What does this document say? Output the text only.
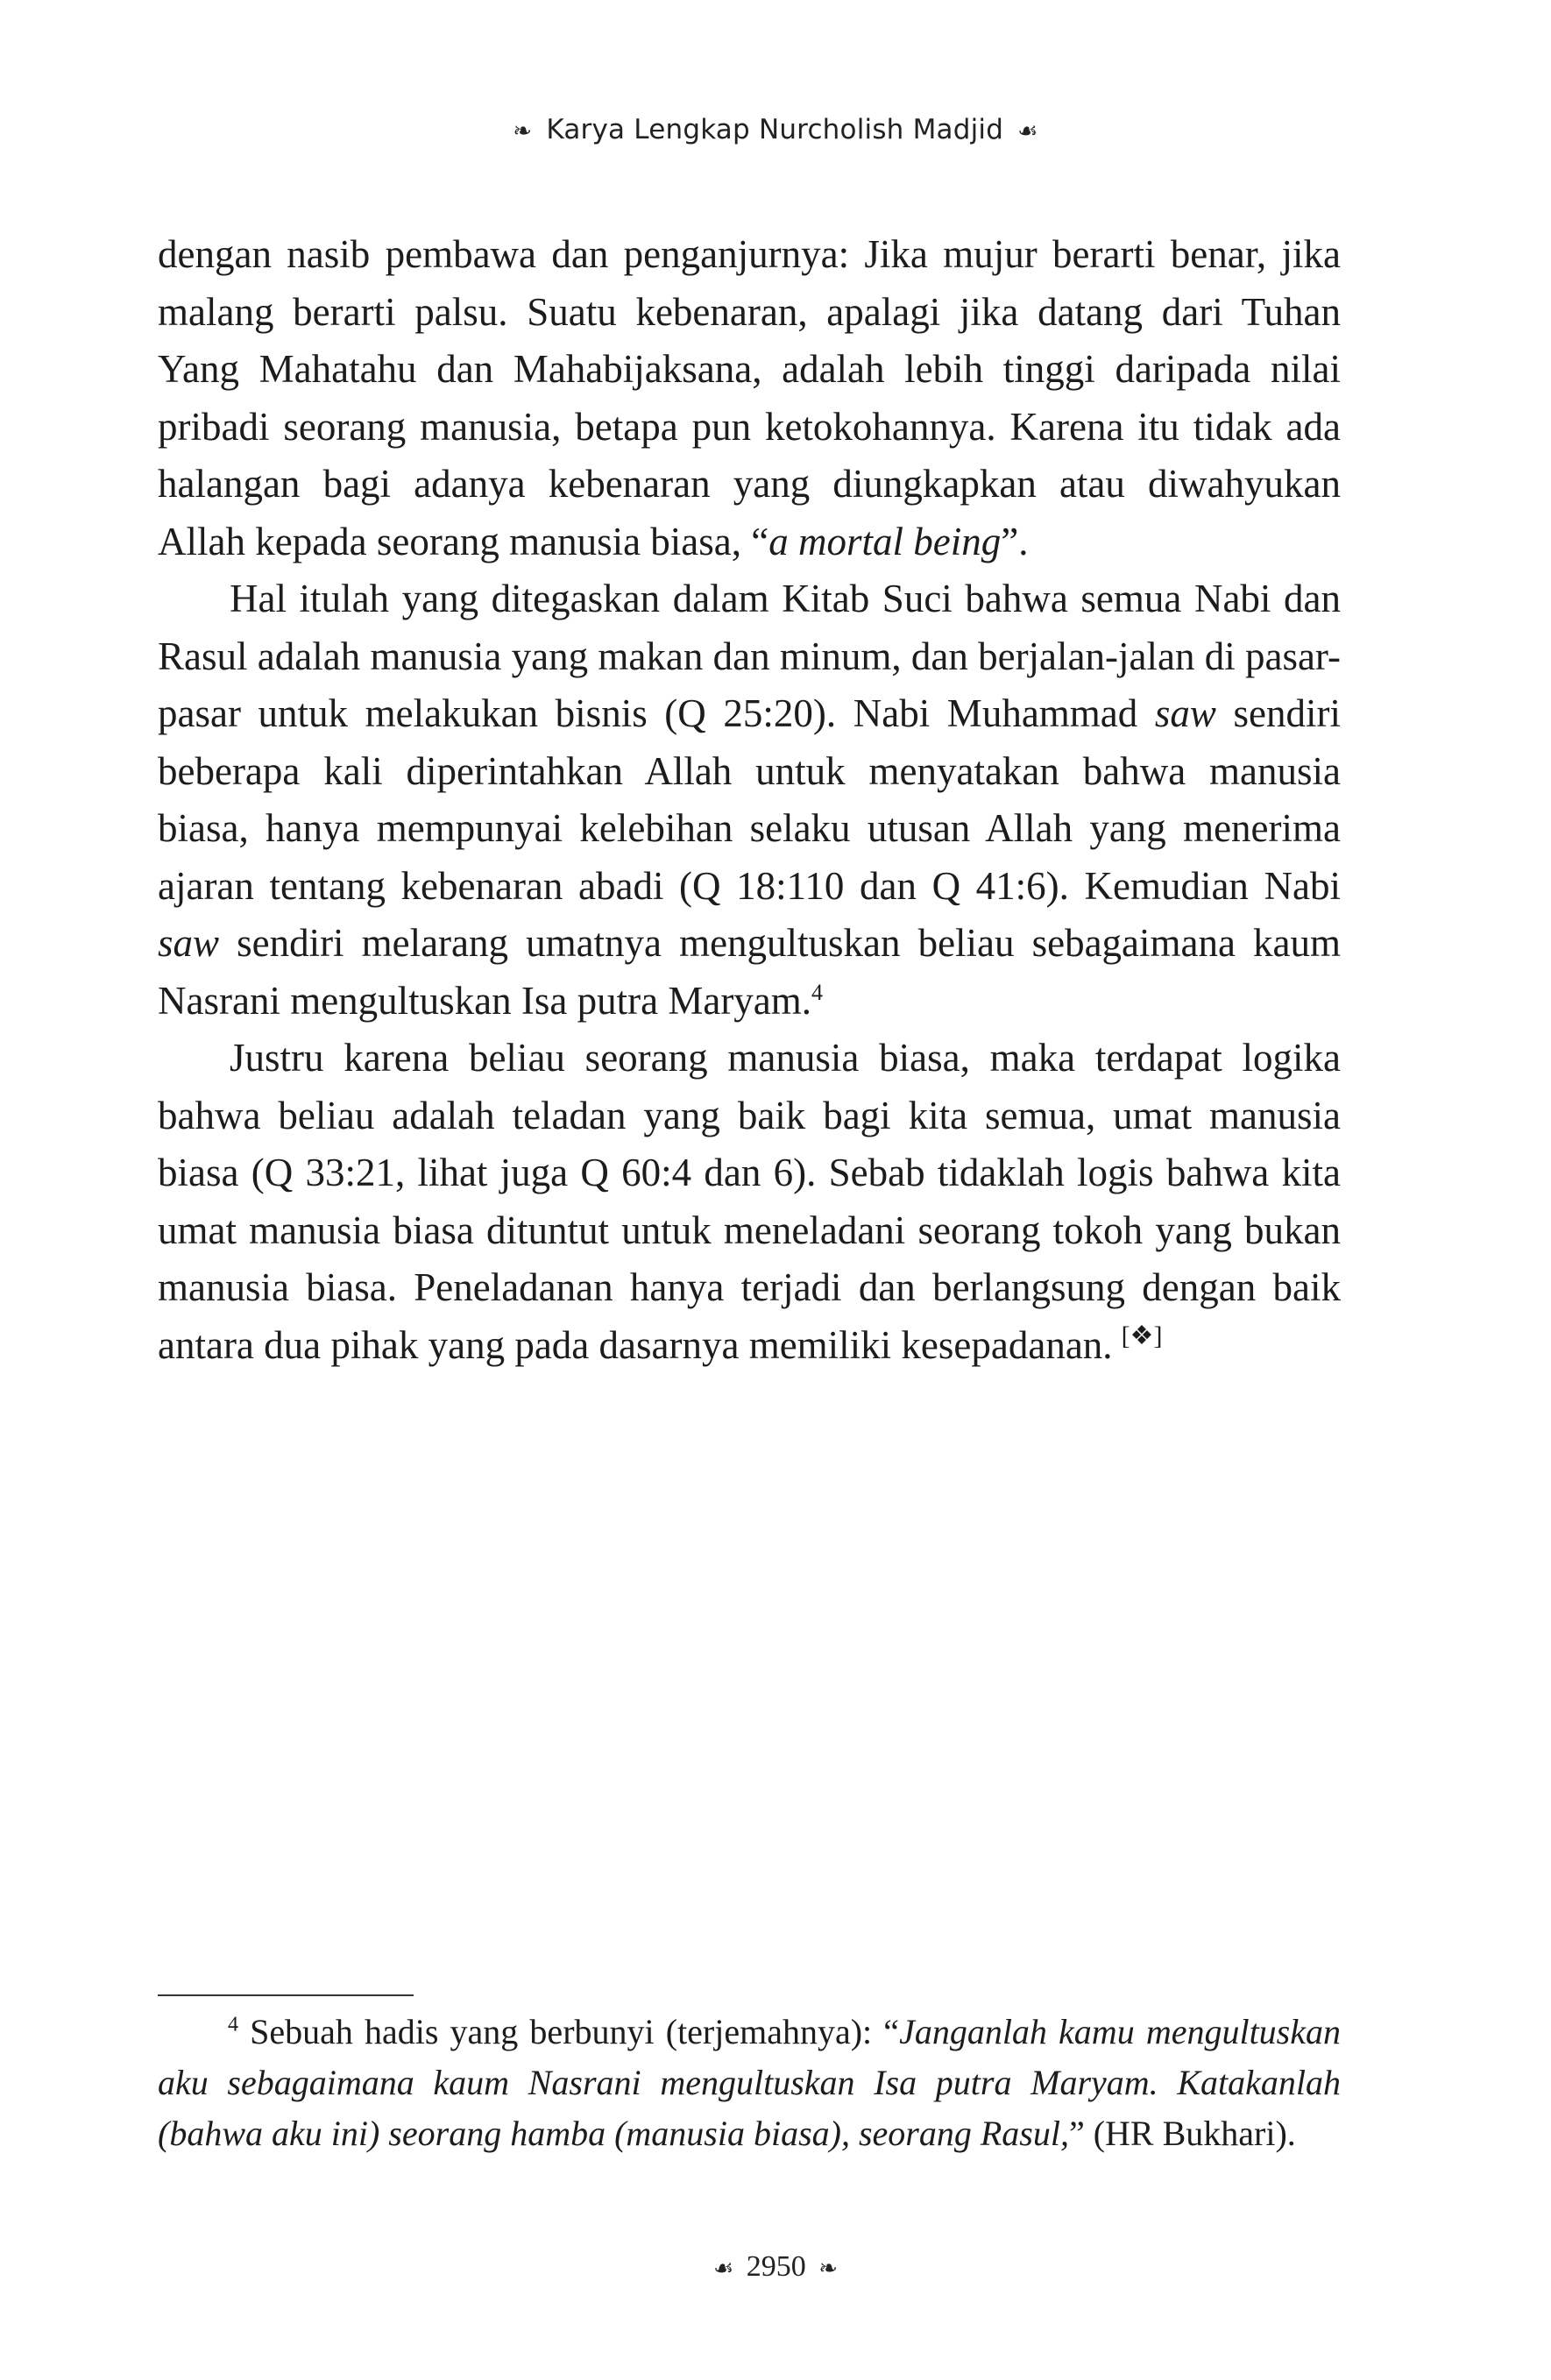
❧ Karya Lengkap Nurcholish Madjid ☙

dengan nasib pembawa dan penganjurnya: Jika mujur berarti benar, jika malang berarti palsu. Suatu kebenaran, apalagi jika datang dari Tuhan Yang Mahatahu dan Mahabijaksana, adalah lebih tinggi daripada nilai pribadi seorang manusia, betapa pun ketokohannya. Karena itu tidak ada halangan bagi adanya kebenaran yang diungkapkan atau diwahyukan Allah kepada seorang manusia biasa, “a mortal being”.

Hal itulah yang ditegaskan dalam Kitab Suci bahwa semua Nabi dan Rasul adalah manusia yang makan dan minum, dan berjalan-jalan di pasar-pasar untuk melakukan bisnis (Q 25:20). Nabi Muhammad saw sendiri beberapa kali diperintahkan Allah untuk menyatakan bahwa manusia biasa, hanya mempunyai kelebihan selaku utusan Allah yang menerima ajaran tentang kebenaran abadi (Q 18:110 dan Q 41:6). Kemudian Nabi saw sendiri melarang umatnya mengultuskan beliau sebagaimana kaum Nasrani mengultuskan Isa putra Maryam.$^4$

Justru karena beliau seorang manusia biasa, maka terdapat logika bahwa beliau adalah teladan yang baik bagi kita semua, umat manusia biasa (Q 33:21, lihat juga Q 60:4 dan 6). Sebab tidaklah logis bahwa kita umat manusia biasa dituntut untuk meneladani seorang tokoh yang bukan manusia biasa. Peneladanan hanya terjadi dan berlangsung dengan baik antara dua pihak yang pada dasarnya memiliki kesepadanan. [❖]

$^4$ Sebuah hadis yang berbunyi (terjemahnya): “Janganlah kamu mengultuskan aku sebagaimana kaum Nasrani mengultuskan Isa putra Maryam. Katakanlah (bahwa aku ini) seorang hamba (manusia biasa), seorang Rasul,” (HR Bukhari).

☙ 2950 ❧
